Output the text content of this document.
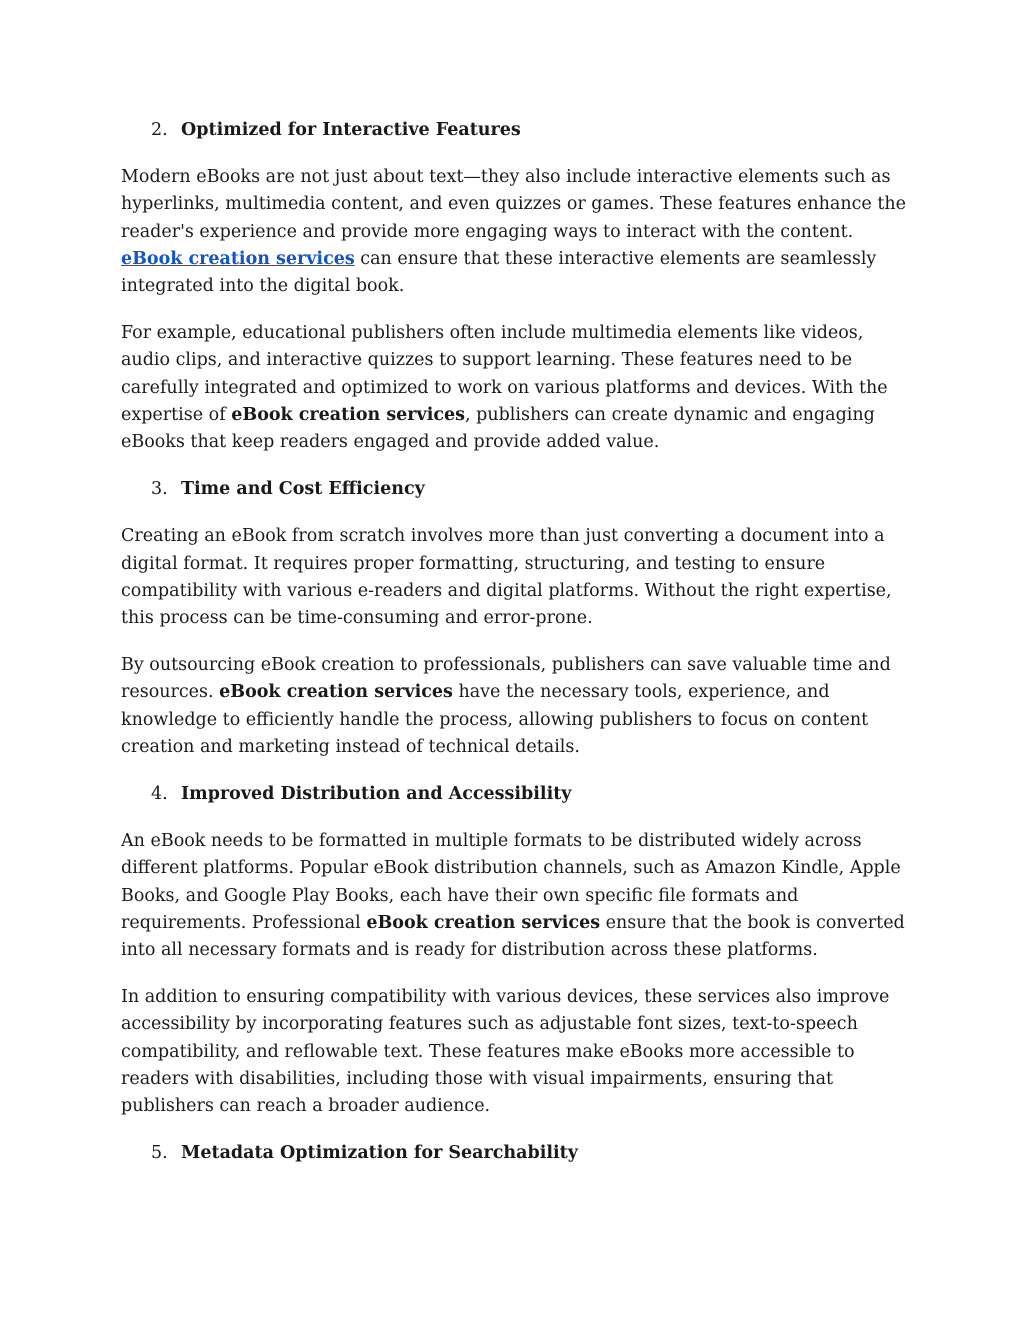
2. Optimized for Interactive Features

Modern eBooks are not just about text—they also include interactive elements such as hyperlinks, multimedia content, and even quizzes or games. These features enhance the reader's experience and provide more engaging ways to interact with the content. eBook creation services can ensure that these interactive elements are seamlessly integrated into the digital book.

For example, educational publishers often include multimedia elements like videos, audio clips, and interactive quizzes to support learning. These features need to be carefully integrated and optimized to work on various platforms and devices. With the expertise of eBook creation services, publishers can create dynamic and engaging eBooks that keep readers engaged and provide added value.

3. Time and Cost Efficiency

Creating an eBook from scratch involves more than just converting a document into a digital format. It requires proper formatting, structuring, and testing to ensure compatibility with various e-readers and digital platforms. Without the right expertise, this process can be time-consuming and error-prone.

By outsourcing eBook creation to professionals, publishers can save valuable time and resources. eBook creation services have the necessary tools, experience, and knowledge to efficiently handle the process, allowing publishers to focus on content creation and marketing instead of technical details.

4. Improved Distribution and Accessibility

An eBook needs to be formatted in multiple formats to be distributed widely across different platforms. Popular eBook distribution channels, such as Amazon Kindle, Apple Books, and Google Play Books, each have their own specific file formats and requirements. Professional eBook creation services ensure that the book is converted into all necessary formats and is ready for distribution across these platforms.

In addition to ensuring compatibility with various devices, these services also improve accessibility by incorporating features such as adjustable font sizes, text-to-speech compatibility, and reflowable text. These features make eBooks more accessible to readers with disabilities, including those with visual impairments, ensuring that publishers can reach a broader audience.

5. Metadata Optimization for Searchability
